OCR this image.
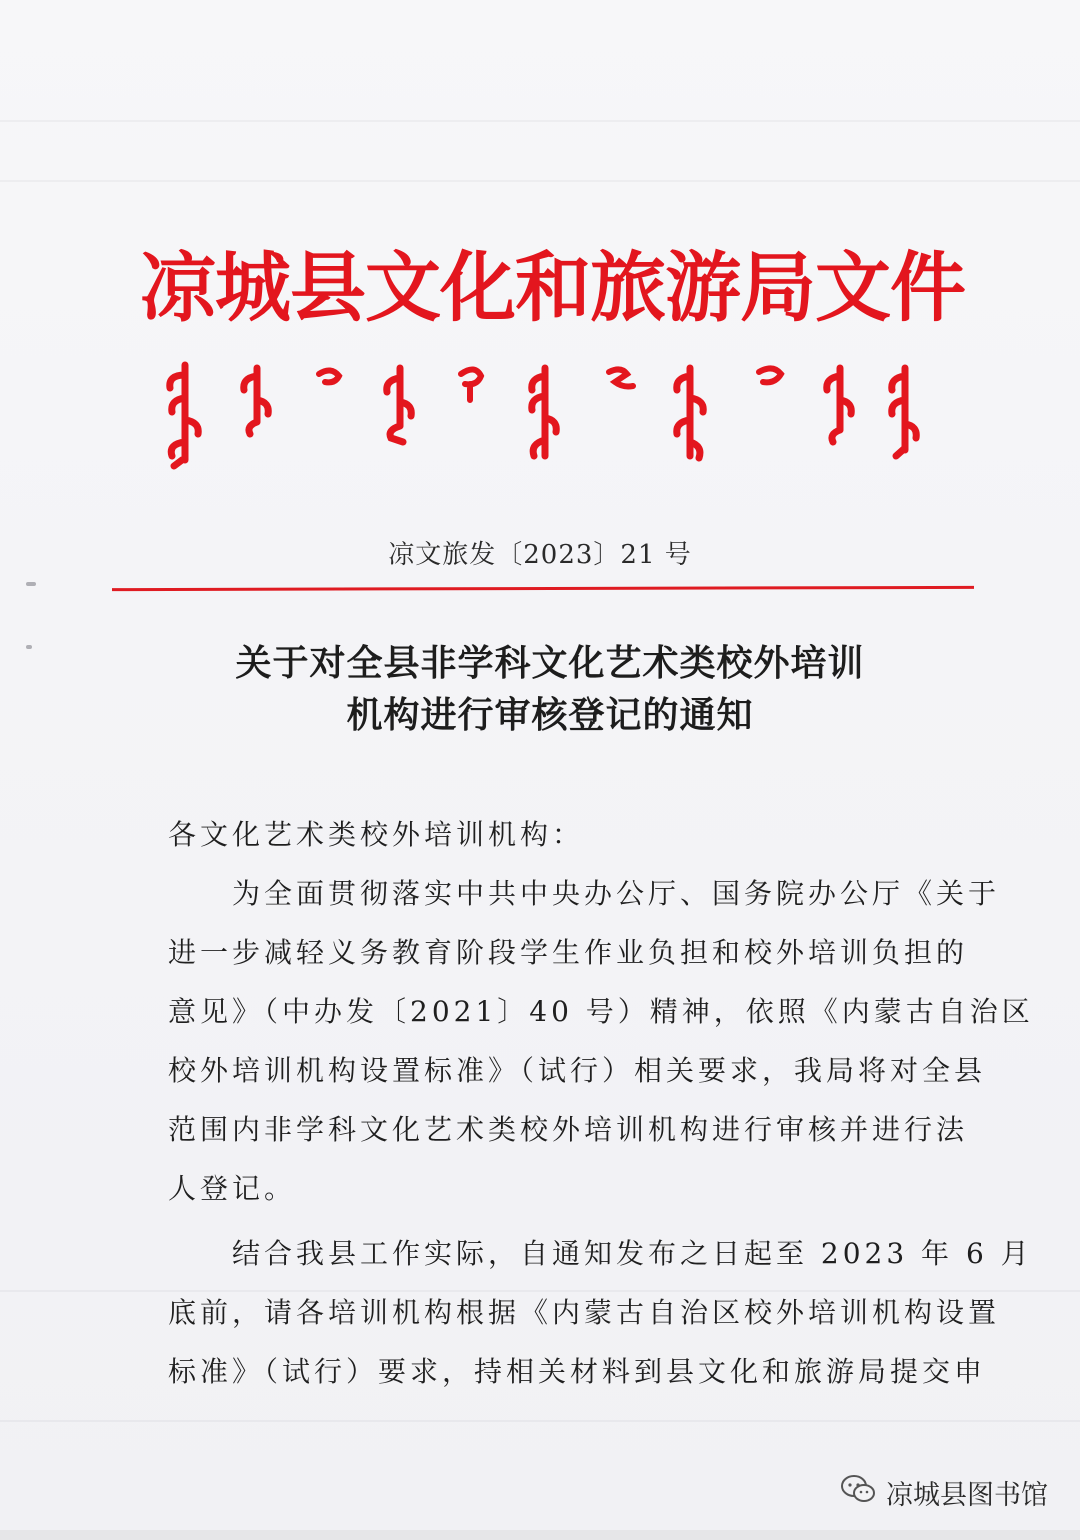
凉城县文化和旅游局文件
凉文旅发〔2023〕21 号
关于对全县非学科文化艺术类校外培训
机构进行审核登记的通知
各文化艺术类校外培训机构：
　　为全面贯彻落实中共中央办公厅、国务院办公厅《关于
进一步减轻义务教育阶段学生作业负担和校外培训负担的
意见》（中办发〔2021〕40 号）精神，依照《内蒙古自治区
校外培训机构设置标准》（试行）相关要求，我局将对全县
范围内非学科文化艺术类校外培训机构进行审核并进行法
人登记。
　　结合我县工作实际，自通知发布之日起至 2023 年 6 月
底前，请各培训机构根据《内蒙古自治区校外培训机构设置
标准》（试行）要求，持相关材料到县文化和旅游局提交申
凉城县图书馆
